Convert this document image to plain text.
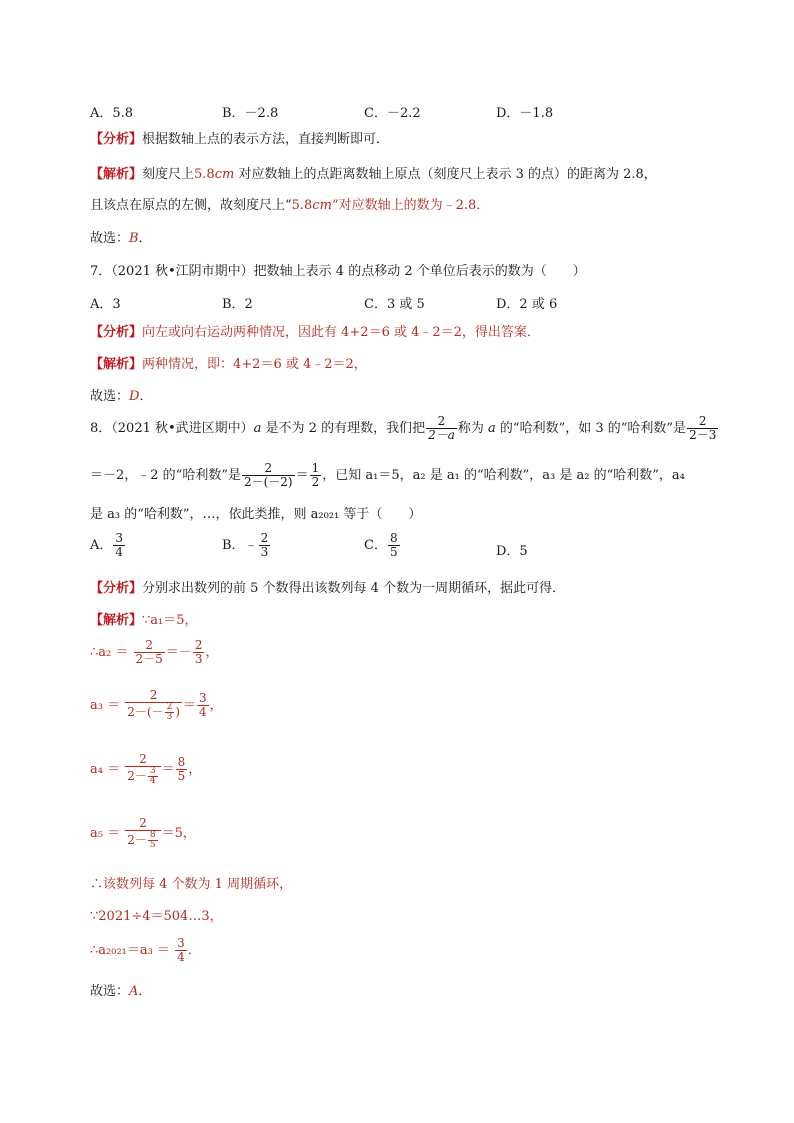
A．5.8	B．－2.8	C．－2.2	D．－1.8
【分析】根据数轴上点的表示方法，直接判断即可．
【解析】刻度尺上5.8cm 对应数轴上的点距离数轴上原点（刻度尺上表示 3 的点）的距离为 2.8，
且该点在原点的左侧，故刻度尺上“5.8cm”对应数轴上的数为﹣2.8．
故选：B．
7．（2021 秋•江阴市期中）把数轴上表示 4 的点移动 2 个单位后表示的数为（　　）
A．3	B．2	C．3 或 5	D．2 或 6
【分析】向左或向右运动两种情况，因此有 4+2＝6 或 4﹣2＝2，得出答案．
【解析】两种情况，即：4+2＝6 或 4﹣2＝2，
故选：D．
8．（2021 秋•武进区期中）a 是不为 2 的有理数，我们把 $\frac{2}{2-a}$ 称为 a 的“哈利数”，如 3 的“哈利数”是 $\frac{2}{2-3}$
＝－2，﹣2 的“哈利数”是 $\frac{2}{2-(-2)} = \frac{1}{2}$ ，已知 a₁＝5，a₂ 是 a₁ 的“哈利数”，a₃ 是 a₂ 的“哈利数”，a₄
是 a₃ 的“哈利数”，…，依此类推，则 a₂₀₂₁ 等于（　　）
A． $\frac{3}{4}$	B．﹣ $\frac{2}{3}$	C． $\frac{8}{5}$	D．5
【分析】分别求出数列的前 5 个数得出该数列每 4 个数为一周期循环，据此可得．
【解析】∵a₁＝5，
∴a₂ ＝ $\frac{2}{2-5} =- \frac{2}{3}$ ，
$a_3 = \frac{2}{2-(- \frac{2}{3} )} = \frac{3}{4}$ ，
$a_4 = \frac{2}{2- \frac{3}{4}} = \frac{8}{5}$ ，
$a_5 = \frac{2}{2- \frac{8}{5}} =5$，
∴该数列每 4 个数为 1 周期循环，
∵2021÷4＝504…3，
∴a₂₀₂₁＝a₃ ＝ $\frac{3}{4}$ ．
故选：A．
